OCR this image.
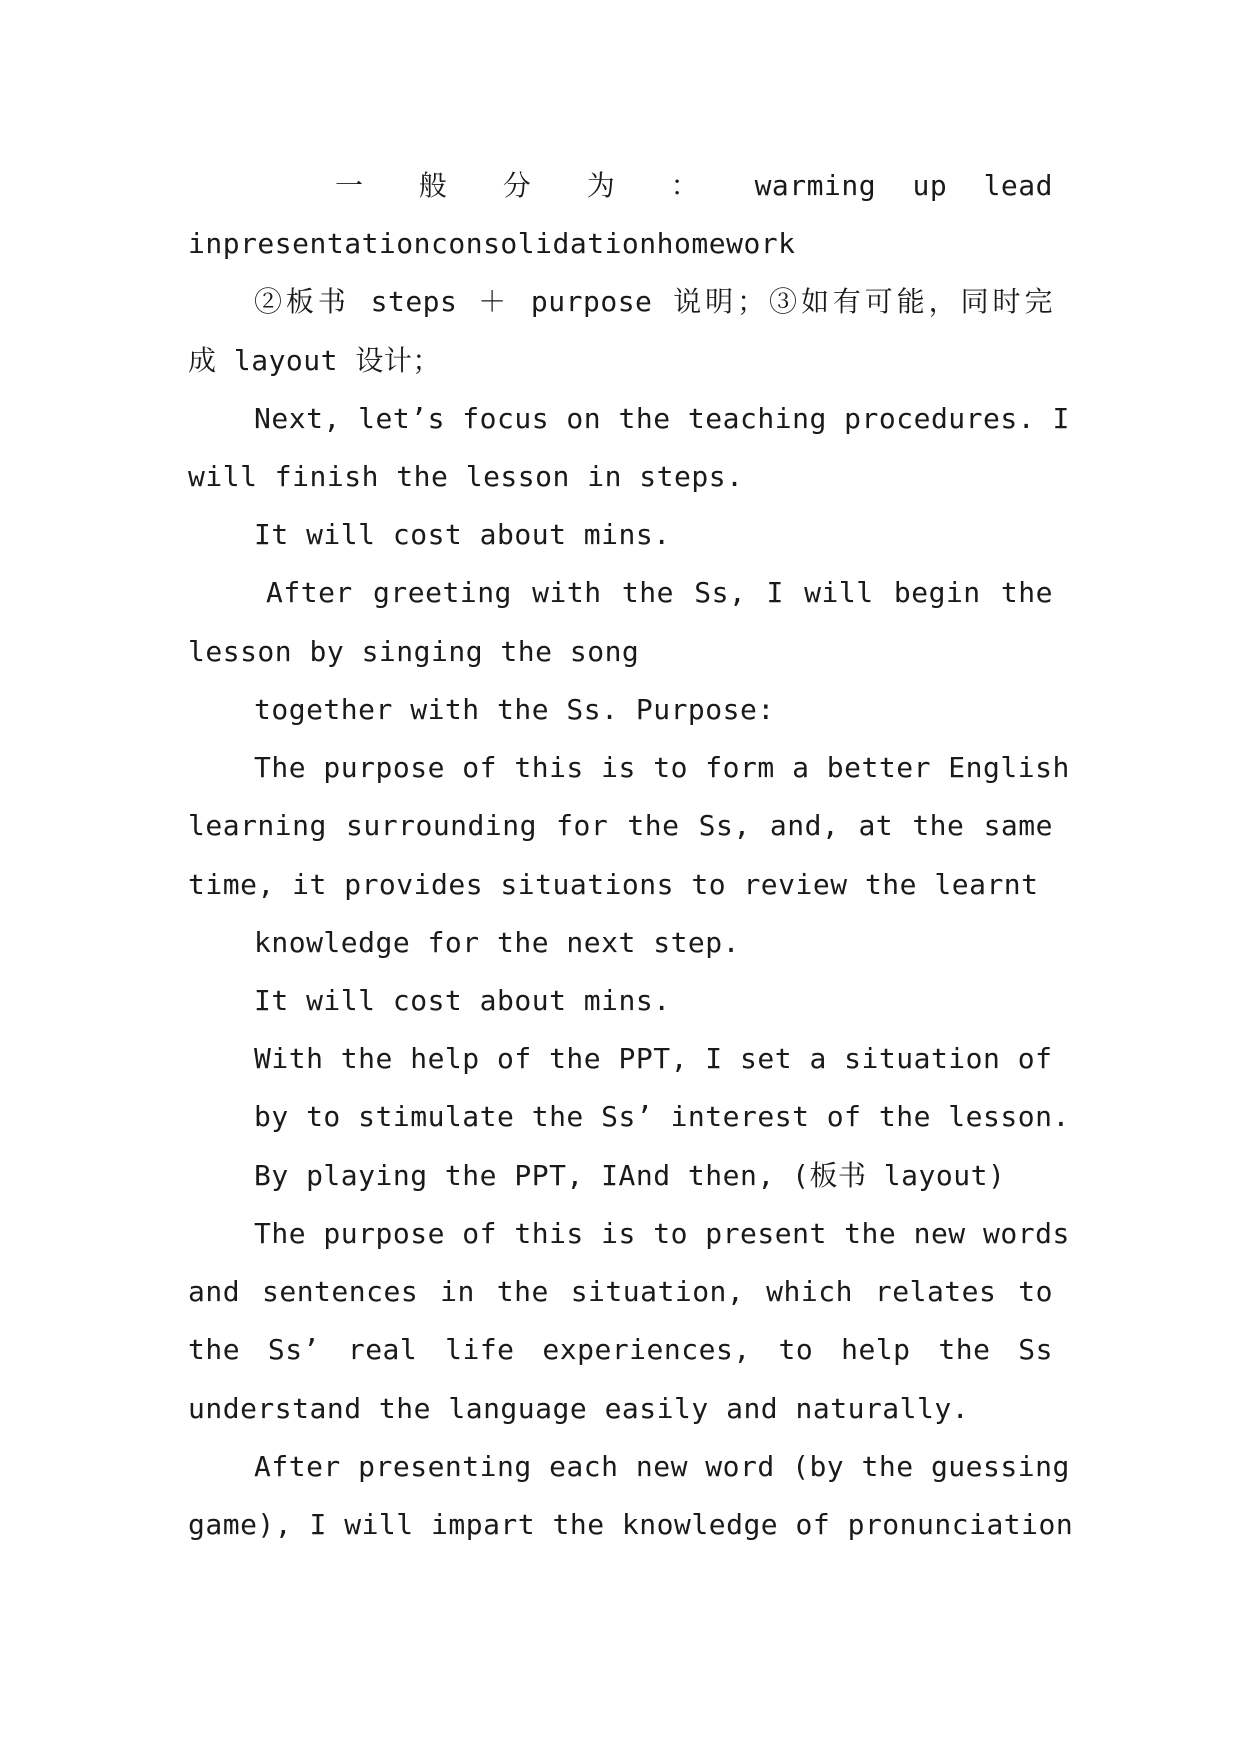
一 般 分 为 ： warming up lead
inpresentationconsolidationhomework
②板书 steps ＋ purpose 说明；③如有可能，同时完
成 layout 设计；
Next, let’s focus on the teaching procedures. I
will finish the lesson in steps.
It will cost about mins.
After greeting with the Ss, I will begin the
lesson by singing the song
together with the Ss. Purpose:
The purpose of this is to form a better English
learning surrounding for the Ss, and, at the same
time, it provides situations to review the learnt
knowledge for the next step.
It will cost about mins.
With the help of the PPT, I set a situation of
by to stimulate the Ss’ interest of the lesson.
By playing the PPT, IAnd then, (板书 layout)
The purpose of this is to present the new words
and sentences in the situation, which relates to
the Ss’ real life experiences, to help the Ss
understand the language easily and naturally.
After presenting each new word (by the guessing
game), I will impart the knowledge of pronunciation
